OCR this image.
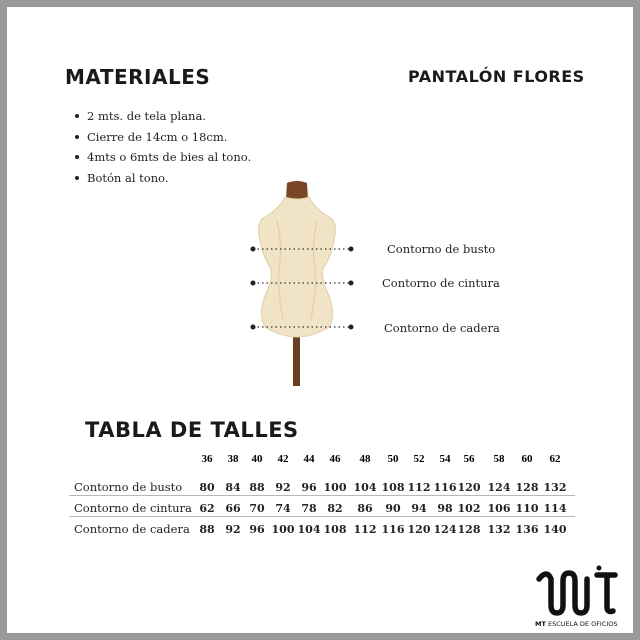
MATERIALES	PANTALÓN FLORES
2 mts. de tela plana.
Cierre de 14cm o 18cm.
4mts o 6mts de bies al tono.
Botón al tono.
Contorno de busto
Contorno de cintura
Contorno de cadera
TABLA DE TALLES
MT ESCUELA DE OFICIOS
36	38	40	42	44	46	48	50	52	54	56	58	60	62
Contorno de busto	80 84 88 92 96 100 104 108 112 116 120 124 128 132
Contorno de cintura 62 66 70 74 78 82	86	90 94 98 102 106 110 114
Contorno de cadera 88 92 96 100 104 108 112 116 120 124 128 132 136 140
